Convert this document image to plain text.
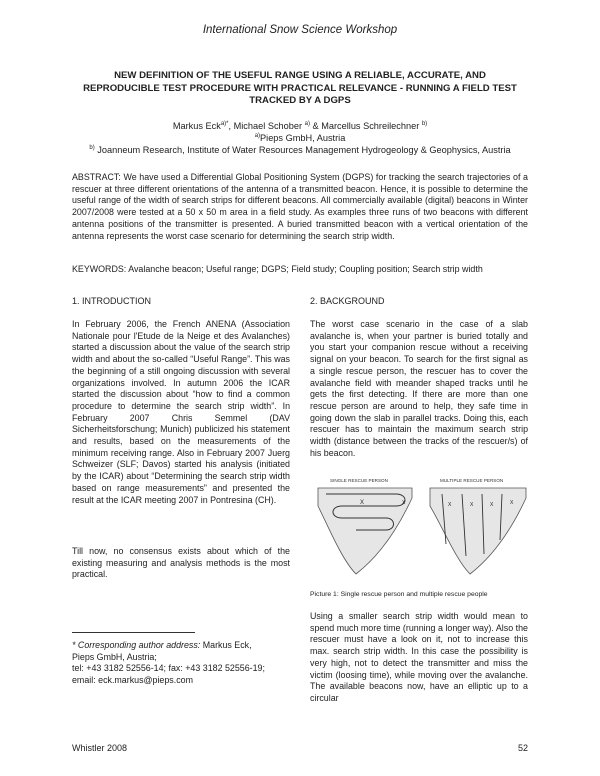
International Snow Science Workshop
NEW DEFINITION OF THE USEFUL RANGE USING A RELIABLE, ACCURATE, AND
REPRODUCIBLE TEST PROCEDURE WITH PRACTICAL RELEVANCE - RUNNING A FIELD TEST
TRACKED BY A DGPS
Markus Eck$^{a)*}$, Michael Schober $^{a)}$ & Marcellus Schreilechner $^{b)}$
$^{a)}$Pieps GmbH, Austria
$^{b)}$ Joanneum Research, Institute of Water Resources Management Hydrogeology & Geophysics, Austria
ABSTRACT: We have used a Differential Global Positioning System (DGPS) for tracking the search trajectories of a rescuer at three different orientations of the antenna of a transmitted beacon. Hence, it is possible to determine the useful range of the width of search strips for different beacons. All commercially available (digital) beacons in Winter 2007/2008 were tested at a 50 x 50 m area in a field study. As examples three runs of two beacons with different antenna positions of the transmitter is presented. A buried transmitted beacon with a vertical orientation of the antenna represents the worst case scenario for determining the search strip width.
KEYWORDS: Avalanche beacon; Useful range; DGPS; Field study; Coupling position; Search strip width
1. INTRODUCTION
In February 2006, the French ANENA (Association Nationale pour l'Etude de la Neige et des Avalanches) started a discussion about the value of the search strip width and about the so-called “Useful Range”. This was the beginning of a still ongoing discussion with several organizations involved. In autumn 2006 the ICAR started the discussion about “how to find a common procedure to determine the search strip width”. In February 2007 Chris Semmel (DAV Sicherheitsforschung; Munich) publicized his statement and results, based on the measurements of the minimum receiving range. Also in February 2007 Juerg Schweizer (SLF; Davos) started his analysis (initiated by the ICAR) about “Determining the search strip width based on range measurements” and presented the result at the ICAR meeting 2007 in Pontresina (CH).
Till now, no consensus exists about which of the existing measuring and analysis methods is the most practical.
* Corresponding author address: Markus Eck,
Pieps GmbH, Austria;
tel: +43 3182 52556-14; fax: +43 3182 52556-19;
email: eck.markus@pieps.com
2. BACKGROUND
The worst case scenario in the case of a slab avalanche is, when your partner is buried totally and you start your companion rescue without a receiving signal on your beacon. To search for the first signal as a single rescue person, the rescuer has to cover the avalanche field with meander shaped tracks until he gets the first detecting. If there are more than one rescue person are around to help, they safe time in going down the slab in parallel tracks. Doing this, each rescuer has to maintain the maximum search strip width (distance between the tracks of the rescuer/s) of his beacon.
SINGLE RESCUE PERSON
X	X
MULTIPLE RESCUE PERSON
X	X	X	X
Picture 1: Single rescue person and multiple rescue people
Using a smaller search strip width would mean to spend much more time (running a longer way). Also the rescuer must have a look on it, not to increase this max. search strip width. In this case the possibility is very high, not to detect the transmitter and miss the victim (loosing time), while moving over the avalanche. The available beacons now, have an elliptic up to a circular
Whistler 2008	52
